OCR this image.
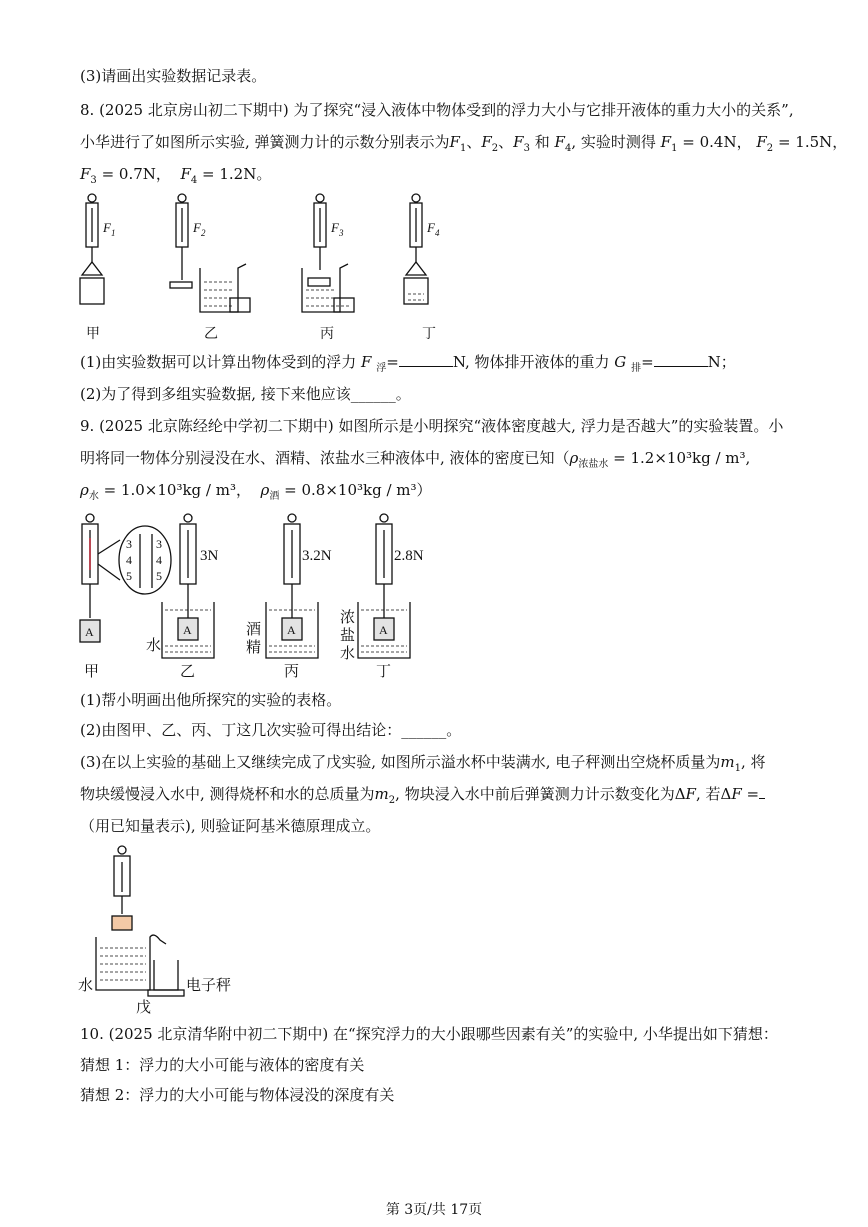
(3)请画出实验数据记录表。
8. (2025 北京房山初二下期中) 为了探究“浸入液体中物体受到的浮力大小与它排开液体的重力大小的关系”,
小华进行了如图所示实验, 弹簧测力计的示数分别表示为$F_1$、$F_2$、$F_3$ 和 $F_4$, 实验时测得 $F_1 = 0.4N$， $F_2 = 1.5N$，
$F_3 = 0.7N$，  $F_4 = 1.2N$。
F 1	F 2	F 3	F 4
甲	乙	丙	丁
(1)由实验数据可以计算出物体受到的浮力 F $_浮$=	N, 物体排开液体的重力 G $_排$=	N；
(2)为了得到多组实验数据, 接下来他应该______。
9. (2025 北京陈经纶中学初二下期中) 如图所示是小明探究“液体密度越大, 浮力是否越大”的实验装置。小
明将同一物体分别浸没在水、酒精、浓盐水三种液体中, 液体的密度已知（$\rho_{浓盐水} = 1.2\times 10^3kg / m^3$,
$\rho_水 = 1.0\times 10^3kg / m^3$，  $\rho_酒 = 0.8\times 10^3kg / m^3$）
3
4
5
3
4
5
A	A	A	A
3N	3.2N	2.8N
水
酒
精
浓
盐
水
甲	乙	丙	丁
(1)帮小明画出他所探究的实验的表格。
(2)由图甲、乙、丙、丁这几次实验可得出结论：______。
(3)在以上实验的基础上又继续完成了戊实验, 如图所示溢水杯中装满水, 电子秤测出空烧杯质量为$m_1$, 将
物块缓慢浸入水中, 测得烧杯和水的总质量为$m_2$, 物块浸入水中前后弹簧测力计示数变化为ΔF, 若ΔF =
（用已知量表示), 则验证阿基米德原理成立。
水	电子秤
戊
10. (2025 北京清华附中初二下期中) 在“探究浮力的大小跟哪些因素有关”的实验中, 小华提出如下猜想：
猜想 1：浮力的大小可能与液体的密度有关
猜想 2：浮力的大小可能与物体浸没的深度有关
第 3页/共 17页
